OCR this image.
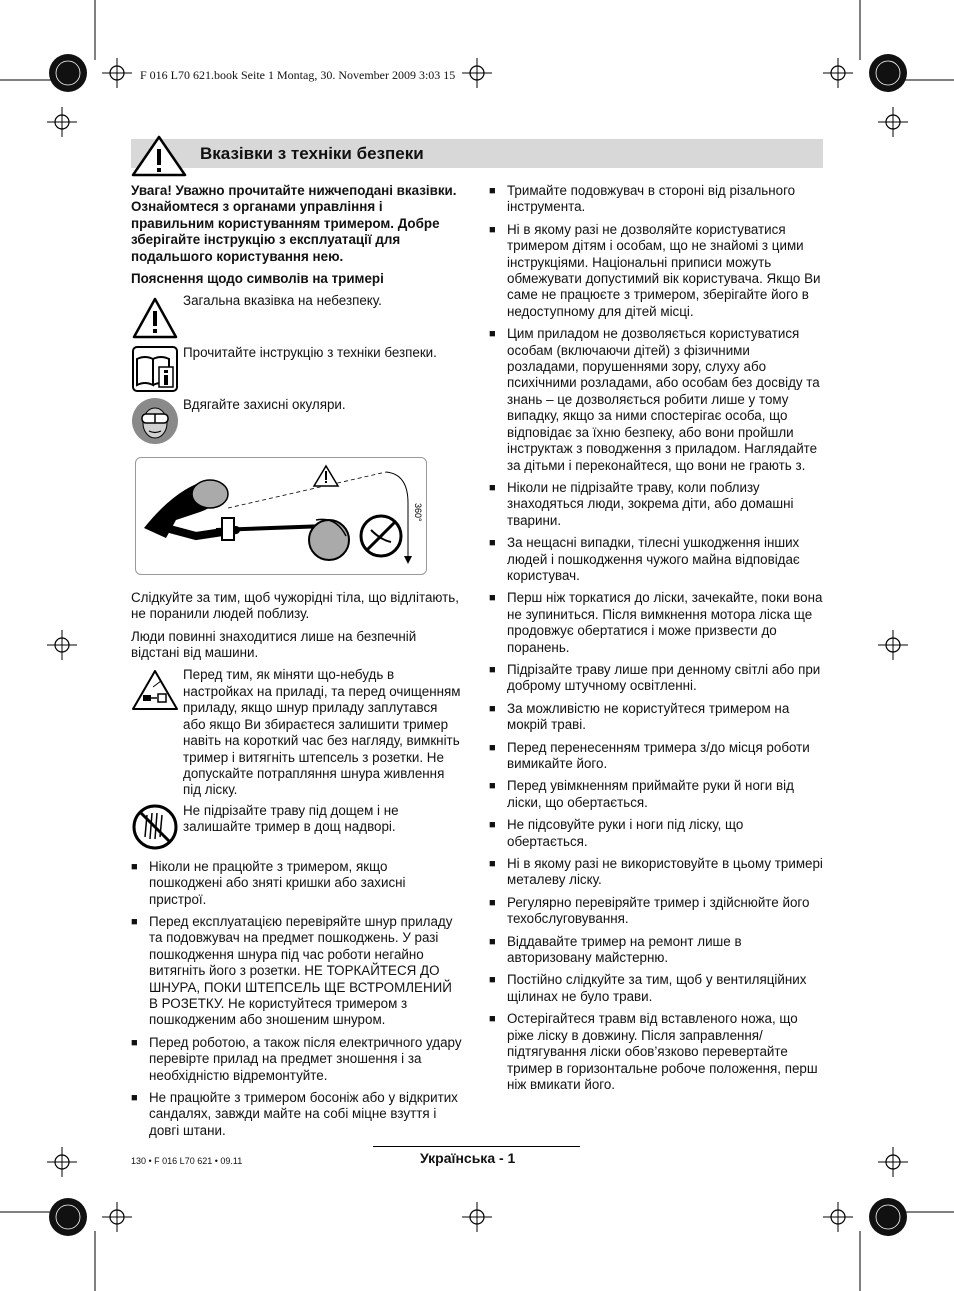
F 016 L70 621.book Seite 1 Montag, 30. November 2009 3:03 15
Вказівки з техніки безпеки

Увага! Уважно прочитайте нижчеподані вказівки. Ознайомтеся з органами управління і правильним користуванням тримером. Добре зберігайте інструкцію з експлуатації для подальшого користування нею.

Пояснення щодо символів на тримері

Загальна вказівка на небезпеку.
Прочитайте інструкцію з техніки безпеки.
Вдягайте захисні окуляри.
360°

Слідкуйте за тим, щоб чужорідні тіла, що відлітають, не поранили людей поблизу.

Люди повинні знаходитися лише на безпечній відстані від машини.

Перед тим, як міняти що-небудь в настройках на приладі, та перед очищенням приладу, якщо шнур приладу заплутався або якщо Ви збираєтеся залишити тример навіть на короткий час без нагляду, вимкніть тример і витягніть штепсель з розетки. Не допускайте потрапляння шнура живлення під ліску.
Не підрізайте траву під дощем і не залишайте тример в дощ надворі.
■ Ніколи не працюйте з тримером, якщо пошкоджені або зняті кришки або захисні пристрої.
■ Перед експлуатацією перевіряйте шнур приладу та подовжувач на предмет пошкоджень. У разі пошкодження шнура під час роботи негайно витягніть його з розетки. НЕ ТОРКАЙТЕСЯ ДО ШНУРА, ПОКИ ШТЕПСЕЛЬ ЩЕ ВСТРОМЛЕНИЙ В РОЗЕТКУ. Не користуйтеся тримером з пошкодженим або зношеним шнуром.
■ Перед роботою, а також після електричного удару перевірте прилад на предмет зношення і за необхідністю відремонтуйте.
■ Не працюйте з тримером босоніж або у відкритих сандалях, завжди майте на собі міцне взуття і довгі штани.
■ Тримайте подовжувач в стороні від різального інструмента.
■ Ні в якому разі не дозволяйте користуватися тримером дітям і особам, що не знайомі з цими інструкціями. Національні приписи можуть обмежувати допустимий вік користувача. Якщо Ви саме не працюєте з тримером, зберігайте його в недоступному для дітей місці.
■ Цим приладом не дозволяється користуватися особам (включаючи дітей) з фізичними розладами, порушеннями зору, слуху або психічними розладами, або особам без досвіду та знань – це дозволяється робити лише у тому випадку, якщо за ними спостерігає особа, що відповідає за їхню безпеку, або вони пройшли інструктаж з поводження з приладом. Наглядайте за дітьми і переконайтеся, що вони не грають з.
■ Ніколи не підрізайте траву, коли поблизу знаходяться люди, зокрема діти, або домашні тварини.
■ За нещасні випадки, тілесні ушкодження інших людей і пошкодження чужого майна відповідає користувач.
■ Перш ніж торкатися до ліски, зачекайте, поки вона не зупиниться. Після вимкнення мотора ліска ще продовжує обертатися і може призвести до поранень.
■ Підрізайте траву лише при денному світлі або при доброму штучному освітленні.
■ За можливістю не користуйтеся тримером на мокрій траві.
■ Перед перенесенням тримера з/до місця роботи вимикайте його.
■ Перед увімкненням приймайте руки й ноги від ліски, що обертається.
■ Не підсовуйте руки і ноги під ліску, що обертається.
■ Ні в якому разі не використовуйте в цьому тримері металеву ліску.
■ Регулярно перевіряйте тример і здійснюйте його техобслуговування.
■ Віддавайте тример на ремонт лише в авторизовану майстерню.
■ Постійно слідкуйте за тим, щоб у вентиляційних щілинах не було трави.
■ Остерігайтеся травм від вставленого ножа, що ріже ліску в довжину. Після заправлення/ підтягування ліски обов’язково перевертайте тример в горизонтальне робоче положення, перш ніж вмикати його.
130 • F 016 L70 621 • 09.11	Українська - 1
